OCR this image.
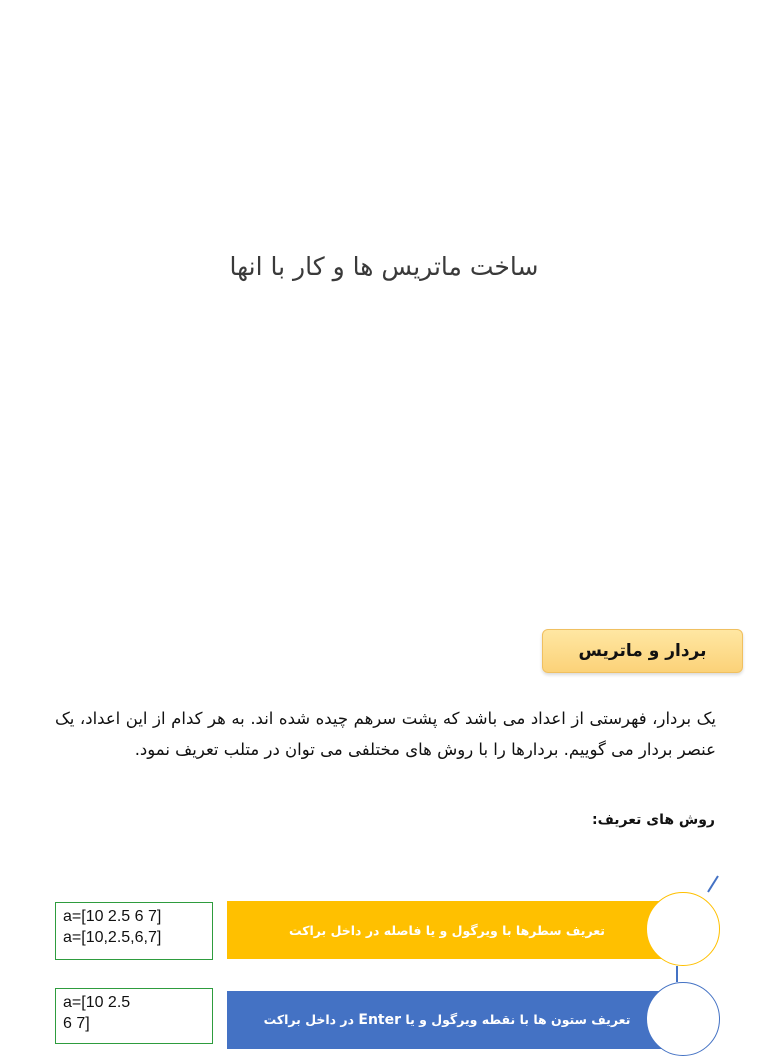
ساخت ماتریس ها و کار با انها
بردار و ماتریس
یک بردار، فهرستی از اعداد می باشد که پشت سرهم چیده شده اند. به هر کدام از این اعداد، یک عنصر بردار می گوییم. بردارها را با روش های مختلفی می توان در متلب تعریف نمود.
روش های تعریف:
a=[10 2.5 6 7]
a=[10,2.5,6,7]
a=[10 2.5
6 7]
تعریف سطرها با ویرگول و یا فاصله در داخل براکت
تعریف ستون ها با نقطه ویرگول و یا Enter در داخل براکت
